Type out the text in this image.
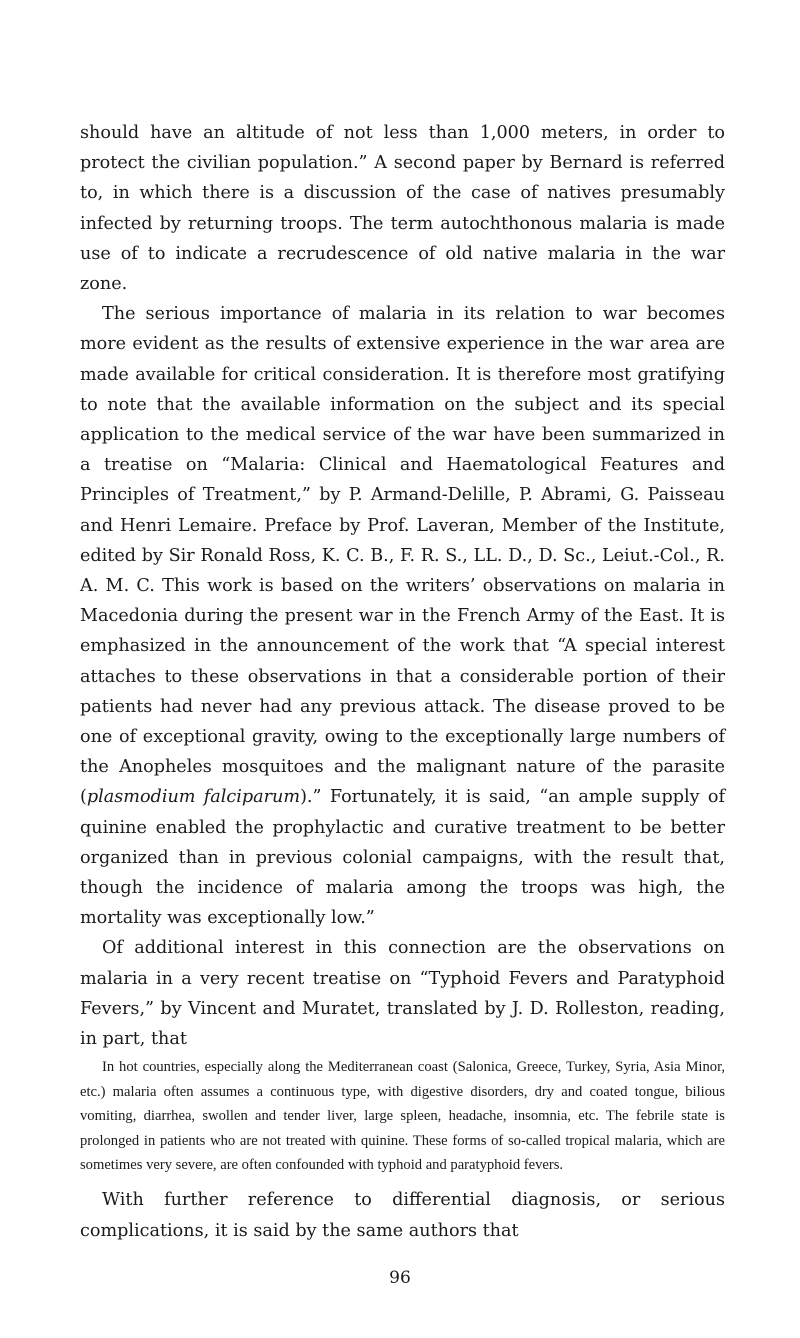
should have an altitude of not less than 1,000 meters, in order to protect the civilian population.” A second paper by Bernard is referred to, in which there is a discussion of the case of natives presumably infected by returning troops. The term autochthonous malaria is made use of to indicate a recrudescence of old native malaria in the war zone.

The serious importance of malaria in its relation to war becomes more evident as the results of extensive experience in the war area are made available for critical consideration. It is therefore most gratifying to note that the available information on the subject and its special application to the medical service of the war have been summarized in a treatise on “Malaria: Clinical and Haematological Features and Principles of Treatment,” by P. Armand-Delille, P. Abrami, G. Paisseau and Henri Lemaire. Preface by Prof. Laveran, Member of the Institute, edited by Sir Ronald Ross, K. C. B., F. R. S., LL. D., D. Sc., Leiut.-Col., R. A. M. C. This work is based on the writers’ observations on malaria in Macedonia during the present war in the French Army of the East. It is emphasized in the announcement of the work that “A special interest attaches to these observations in that a considerable portion of their patients had never had any previous attack. The disease proved to be one of exceptional gravity, owing to the exceptionally large numbers of the Anopheles mosquitoes and the malignant nature of the parasite (plasmodium falciparum).” Fortunately, it is said, “an ample supply of quinine enabled the prophylactic and curative treatment to be better organized than in previous colonial campaigns, with the result that, though the incidence of malaria among the troops was high, the mortality was exceptionally low.”

Of additional interest in this connection are the observations on malaria in a very recent treatise on “Typhoid Fevers and Paratyphoid Fevers,” by Vincent and Muratet, translated by J. D. Rolleston, reading, in part, that

In hot countries, especially along the Mediterranean coast (Salonica, Greece, Turkey, Syria, Asia Minor, etc.) malaria often assumes a continuous type, with digestive disorders, dry and coated tongue, bilious vomiting, diarrhea, swollen and tender liver, large spleen, headache, insomnia, etc. The febrile state is prolonged in patients who are not treated with quinine. These forms of so-called tropical malaria, which are sometimes very severe, are often confounded with typhoid and paratyphoid fevers.

With further reference to differential diagnosis, or serious complications, it is said by the same authors that

96
